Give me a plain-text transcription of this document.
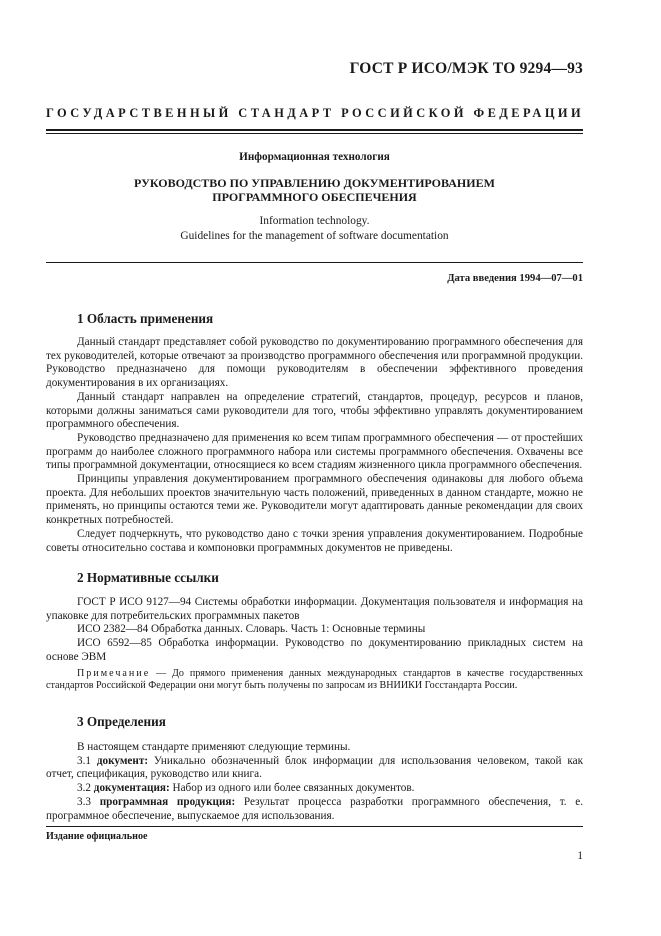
ГОСТ Р ИСО/МЭК ТО 9294—93
ГОСУДАРСТВЕННЫЙ СТАНДАРТ РОССИЙСКОЙ ФЕДЕРАЦИИ
Информационная технология
РУКОВОДСТВО ПО УПРАВЛЕНИЮ ДОКУМЕНТИРОВАНИЕМ
ПРОГРАММНОГО ОБЕСПЕЧЕНИЯ
Information technology.
Guidelines for the management of software documentation
Дата введения 1994—07—01
1 Область применения

Данный стандарт представляет собой руководство по документированию программного обеспечения для тех руководителей, которые отвечают за производство программного обеспечения или программной продукции. Руководство предназначено для помощи руководителям в обеспечении эффективного проведения документирования в их организациях.

Данный стандарт направлен на определение стратегий, стандартов, процедур, ресурсов и планов, которыми должны заниматься сами руководители для того, чтобы эффективно управлять документированием программного обеспечения.

Руководство предназначено для применения ко всем типам программного обеспечения — от простейших программ до наиболее сложного программного набора или системы программного обеспечения. Охвачены все типы программной документации, относящиеся ко всем стадиям жизненного цикла программного обеспечения.

Принципы управления документированием программного обеспечения одинаковы для любого объема проекта. Для небольших проектов значительную часть положений, приведенных в данном стандарте, можно не применять, но принципы остаются теми же. Руководители могут адаптировать данные рекомендации для своих конкретных потребностей.

Следует подчеркнуть, что руководство дано с точки зрения управления документированием. Подробные советы относительно состава и компоновки программных документов не приведены.

2 Нормативные ссылки

ГОСТ Р ИСО 9127—94 Системы обработки информации. Документация пользователя и информация на упаковке для потребительских программных пакетов

ИСО 2382—84 Обработка данных. Словарь. Часть 1: Основные термины

ИСО 6592—85 Обработка информации. Руководство по документированию прикладных систем на основе ЭВМ

Примечание — До прямого применения данных международных стандартов в качестве государственных стандартов Российской Федерации они могут быть получены по запросам из ВНИИКИ Госстандарта России.
3 Определения

В настоящем стандарте применяют следующие термины.

3.1 документ: Уникально обозначенный блок информации для использования человеком, такой как отчет, спецификация, руководство или книга.

3.2 документация: Набор из одного или более связанных документов.

3.3 программная продукция: Результат процесса разработки программного обеспечения, т. е. программное обеспечение, выпускаемое для использования.

Издание официальное
1
